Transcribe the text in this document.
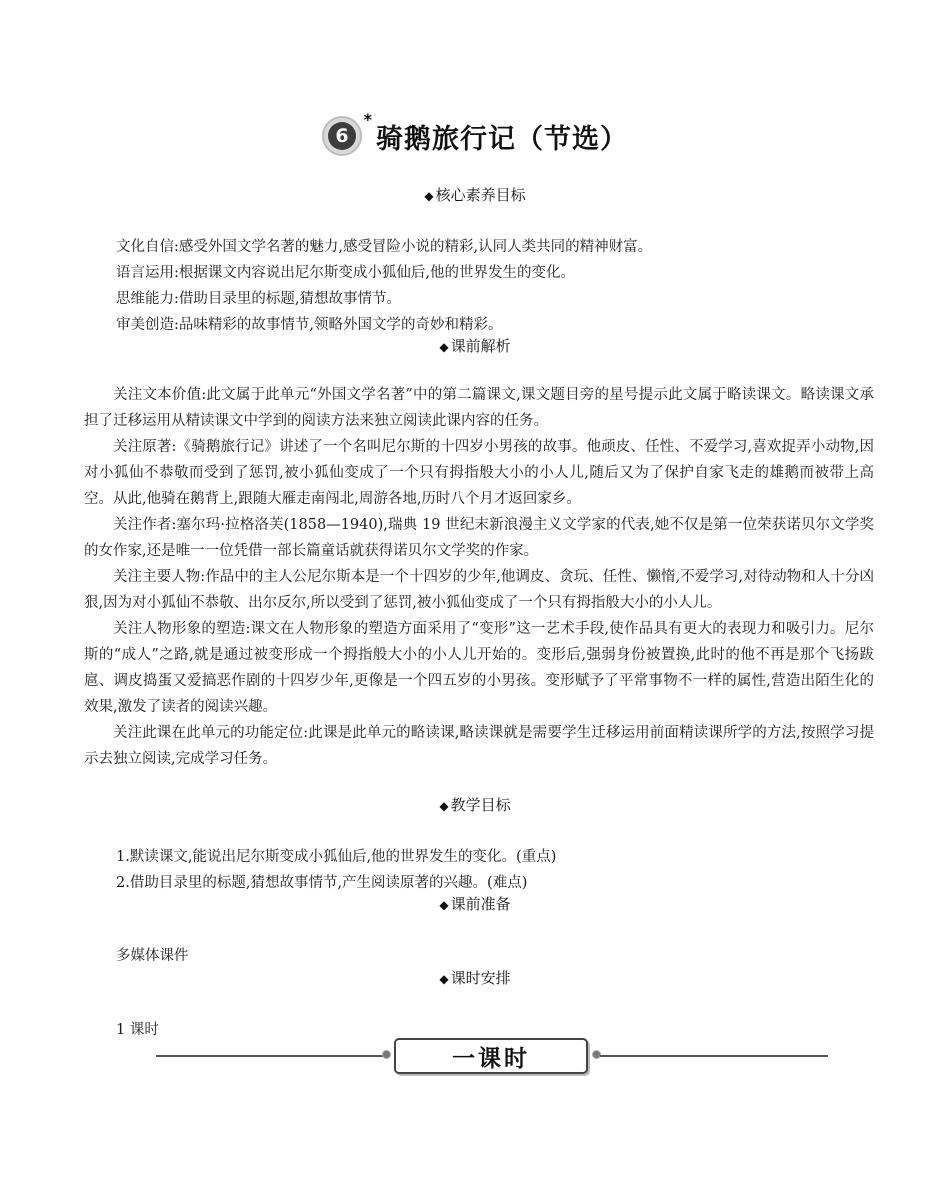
6
*
骑鹅旅行记（节选）
◆ 核心素养目标
文化自信:感受外国文学名著的魅力,感受冒险小说的精彩,认同人类共同的精神财富。
语言运用:根据课文内容说出尼尔斯变成小狐仙后,他的世界发生的变化。
思维能力:借助目录里的标题,猜想故事情节。
审美创造:品味精彩的故事情节,领略外国文学的奇妙和精彩。
◆ 课前解析

关注文本价值:此文属于此单元“外国文学名著”中的第二篇课文,课文题目旁的星号提示此文属于略读课文。略读课文承担了迁移运用从精读课文中学到的阅读方法来独立阅读此课内容的任务。

关注原著:《骑鹅旅行记》讲述了一个名叫尼尔斯的十四岁小男孩的故事。他顽皮、任性、不爱学习,喜欢捉弄小动物,因对小狐仙不恭敬而受到了惩罚,被小狐仙变成了一个只有拇指般大小的小人儿,随后又为了保护自家飞走的雄鹅而被带上高空。从此,他骑在鹅背上,跟随大雁走南闯北,周游各地,历时八个月才返回家乡。

关注作者:塞尔玛·拉格洛芙(1858—1940),瑞典 19 世纪末新浪漫主义文学家的代表,她不仅是第一位荣获诺贝尔文学奖的女作家,还是唯一一位凭借一部长篇童话就获得诺贝尔文学奖的作家。

关注主要人物:作品中的主人公尼尔斯本是一个十四岁的少年,他调皮、贪玩、任性、懒惰,不爱学习,对待动物和人十分凶狠,因为对小狐仙不恭敬、出尔反尔,所以受到了惩罚,被小狐仙变成了一个只有拇指般大小的小人儿。

关注人物形象的塑造:课文在人物形象的塑造方面采用了“变形”这一艺术手段,使作品具有更大的表现力和吸引力。尼尔斯的“成人”之路,就是通过被变形成一个拇指般大小的小人儿开始的。变形后,强弱身份被置换,此时的他不再是那个飞扬跋扈、调皮捣蛋又爱搞恶作剧的十四岁少年,更像是一个四五岁的小男孩。变形赋予了平常事物不一样的属性,营造出陌生化的效果,激发了读者的阅读兴趣。

关注此课在此单元的功能定位:此课是此单元的略读课,略读课就是需要学生迁移运用前面精读课所学的方法,按照学习提示去独立阅读,完成学习任务。

◆ 教学目标
1.默读课文,能说出尼尔斯变成小狐仙后,他的世界发生的变化。(重点)
2.借助目录里的标题,猜想故事情节,产生阅读原著的兴趣。(难点)
◆ 课前准备
多媒体课件
◆ 课时安排
1 课时
一课时
